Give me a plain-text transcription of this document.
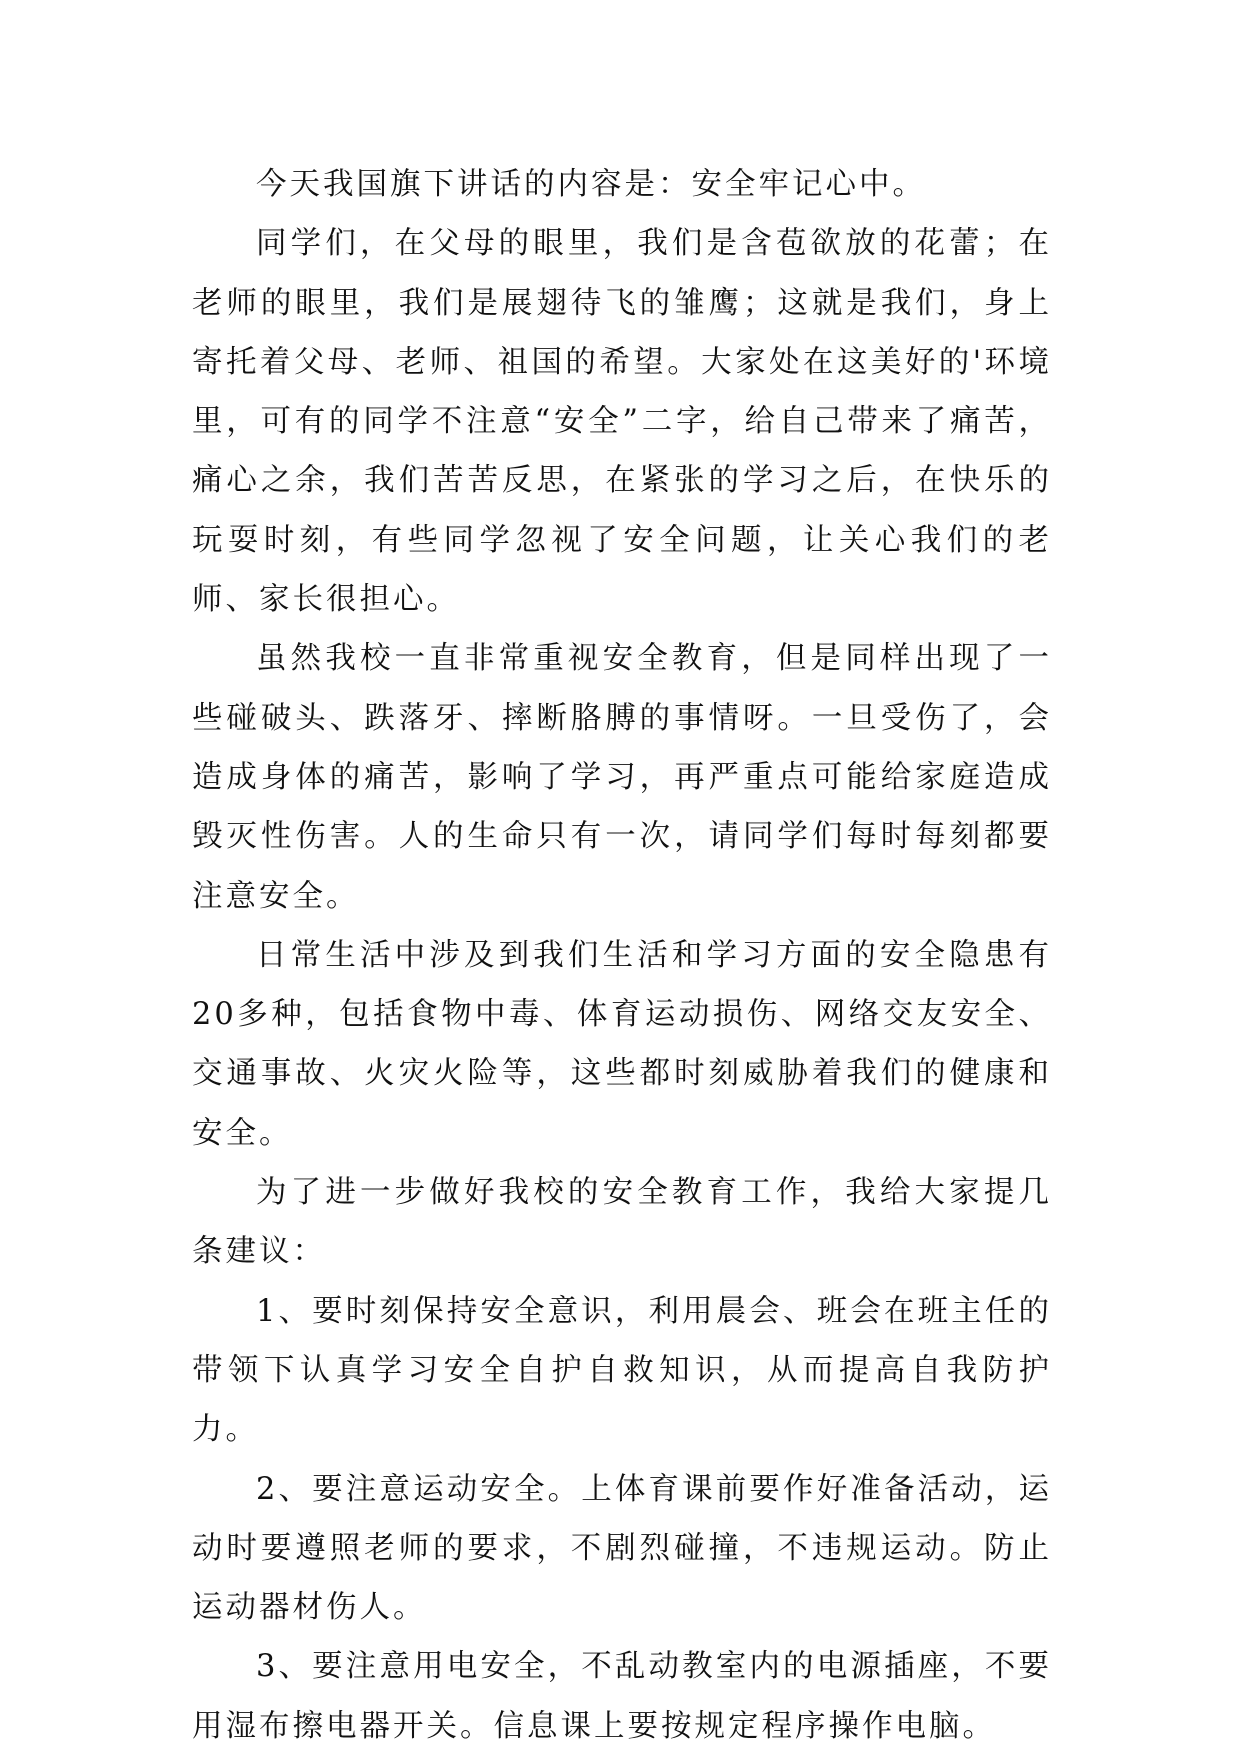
今天我国旗下讲话的内容是：安全牢记心中。

同学们，在父母的眼里，我们是含苞欲放的花蕾；在老师的眼里，我们是展翅待飞的雏鹰；这就是我们，身上寄托着父母、老师、祖国的希望。大家处在这美好的'环境里，可有的同学不注意“安全”二字，给自己带来了痛苦，痛心之余，我们苦苦反思，在紧张的学习之后，在快乐的玩耍时刻，有些同学忽视了安全问题，让关心我们的老师、家长很担心。

虽然我校一直非常重视安全教育，但是同样出现了一些碰破头、跌落牙、摔断胳膊的事情呀。一旦受伤了，会造成身体的痛苦，影响了学习，再严重点可能给家庭造成毁灭性伤害。人的生命只有一次，请同学们每时每刻都要注意安全。

日常生活中涉及到我们生活和学习方面的安全隐患有20多种，包括食物中毒、体育运动损伤、网络交友安全、交通事故、火灾火险等，这些都时刻威胁着我们的健康和安全。

为了进一步做好我校的安全教育工作，我给大家提几条建议：

1、要时刻保持安全意识，利用晨会、班会在班主任的带领下认真学习安全自护自救知识，从而提高自我防护力。

2、要注意运动安全。上体育课前要作好准备活动，运动时要遵照老师的要求，不剧烈碰撞，不违规运动。防止运动器材伤人。

3、要注意用电安全，不乱动教室内的电源插座，不要用湿布擦电器开关。信息课上要按规定程序操作电脑。
